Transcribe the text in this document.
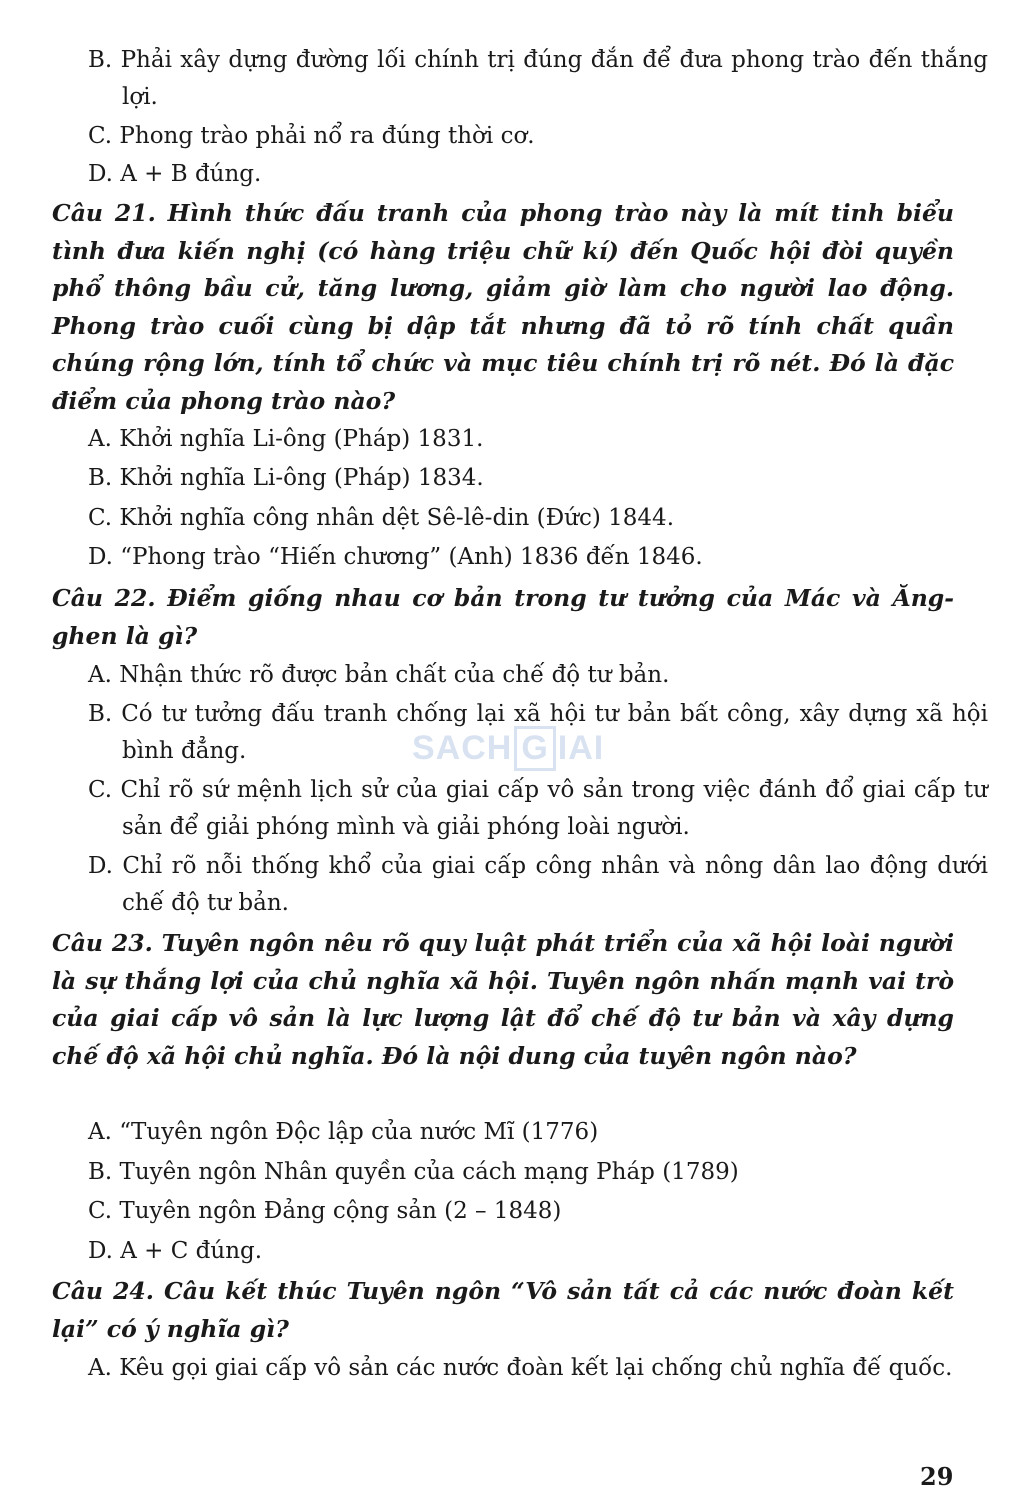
B. Phải xây dựng đường lối chính trị đúng đắn để đưa phong trào đến thắng lợi.
C. Phong trào phải nổ ra đúng thời cơ.
D. A + B đúng.
Câu 21. Hình thức đấu tranh của phong trào này là mít tinh biểu tình đưa kiến nghị (có hàng triệu chữ kí) đến Quốc hội đòi quyền phổ thông bầu cử, tăng lương, giảm giờ làm cho người lao động. Phong trào cuối cùng bị dập tắt nhưng đã tỏ rõ tính chất quần chúng rộng lớn, tính tổ chức và mục tiêu chính trị rõ nét. Đó là đặc điểm của phong trào nào?
A. Khởi nghĩa Li-ông (Pháp) 1831.
B. Khởi nghĩa Li-ông (Pháp) 1834.
C. Khởi nghĩa công nhân dệt Sê-lê-din (Đức) 1844.
D. “Phong trào “Hiến chương” (Anh) 1836 đến 1846.
Câu 22. Điểm giống nhau cơ bản trong tư tưởng của Mác và Ăng-ghen là gì?
A. Nhận thức rõ được bản chất của chế độ tư bản.
B. Có tư tưởng đấu tranh chống lại xã hội tư bản bất công, xây dựng xã hội bình đẳng.
C. Chỉ rõ sứ mệnh lịch sử của giai cấp vô sản trong việc đánh đổ giai cấp tư sản để giải phóng mình và giải phóng loài người.
D. Chỉ rõ nỗi thống khổ của giai cấp công nhân và nông dân lao động dưới chế độ tư bản.
Câu 23. Tuyên ngôn nêu rõ quy luật phát triển của xã hội loài người là sự thắng lợi của chủ nghĩa xã hội. Tuyên ngôn nhấn mạnh vai trò của giai cấp vô sản là lực lượng lật đổ chế độ tư bản và xây dựng chế độ xã hội chủ nghĩa. Đó là nội dung của tuyên ngôn nào?
A. “Tuyên ngôn Độc lập của nước Mĩ (1776)
B. Tuyên ngôn Nhân quyền của cách mạng Pháp (1789)
C. Tuyên ngôn Đảng cộng sản (2 – 1848)
D. A + C đúng.
Câu 24. Câu kết thúc Tuyên ngôn “Vô sản tất cả các nước đoàn kết lại” có ý nghĩa gì?
A. Kêu gọi giai cấp vô sản các nước đoàn kết lại chống chủ nghĩa đế quốc.
SACH G IAI
29
